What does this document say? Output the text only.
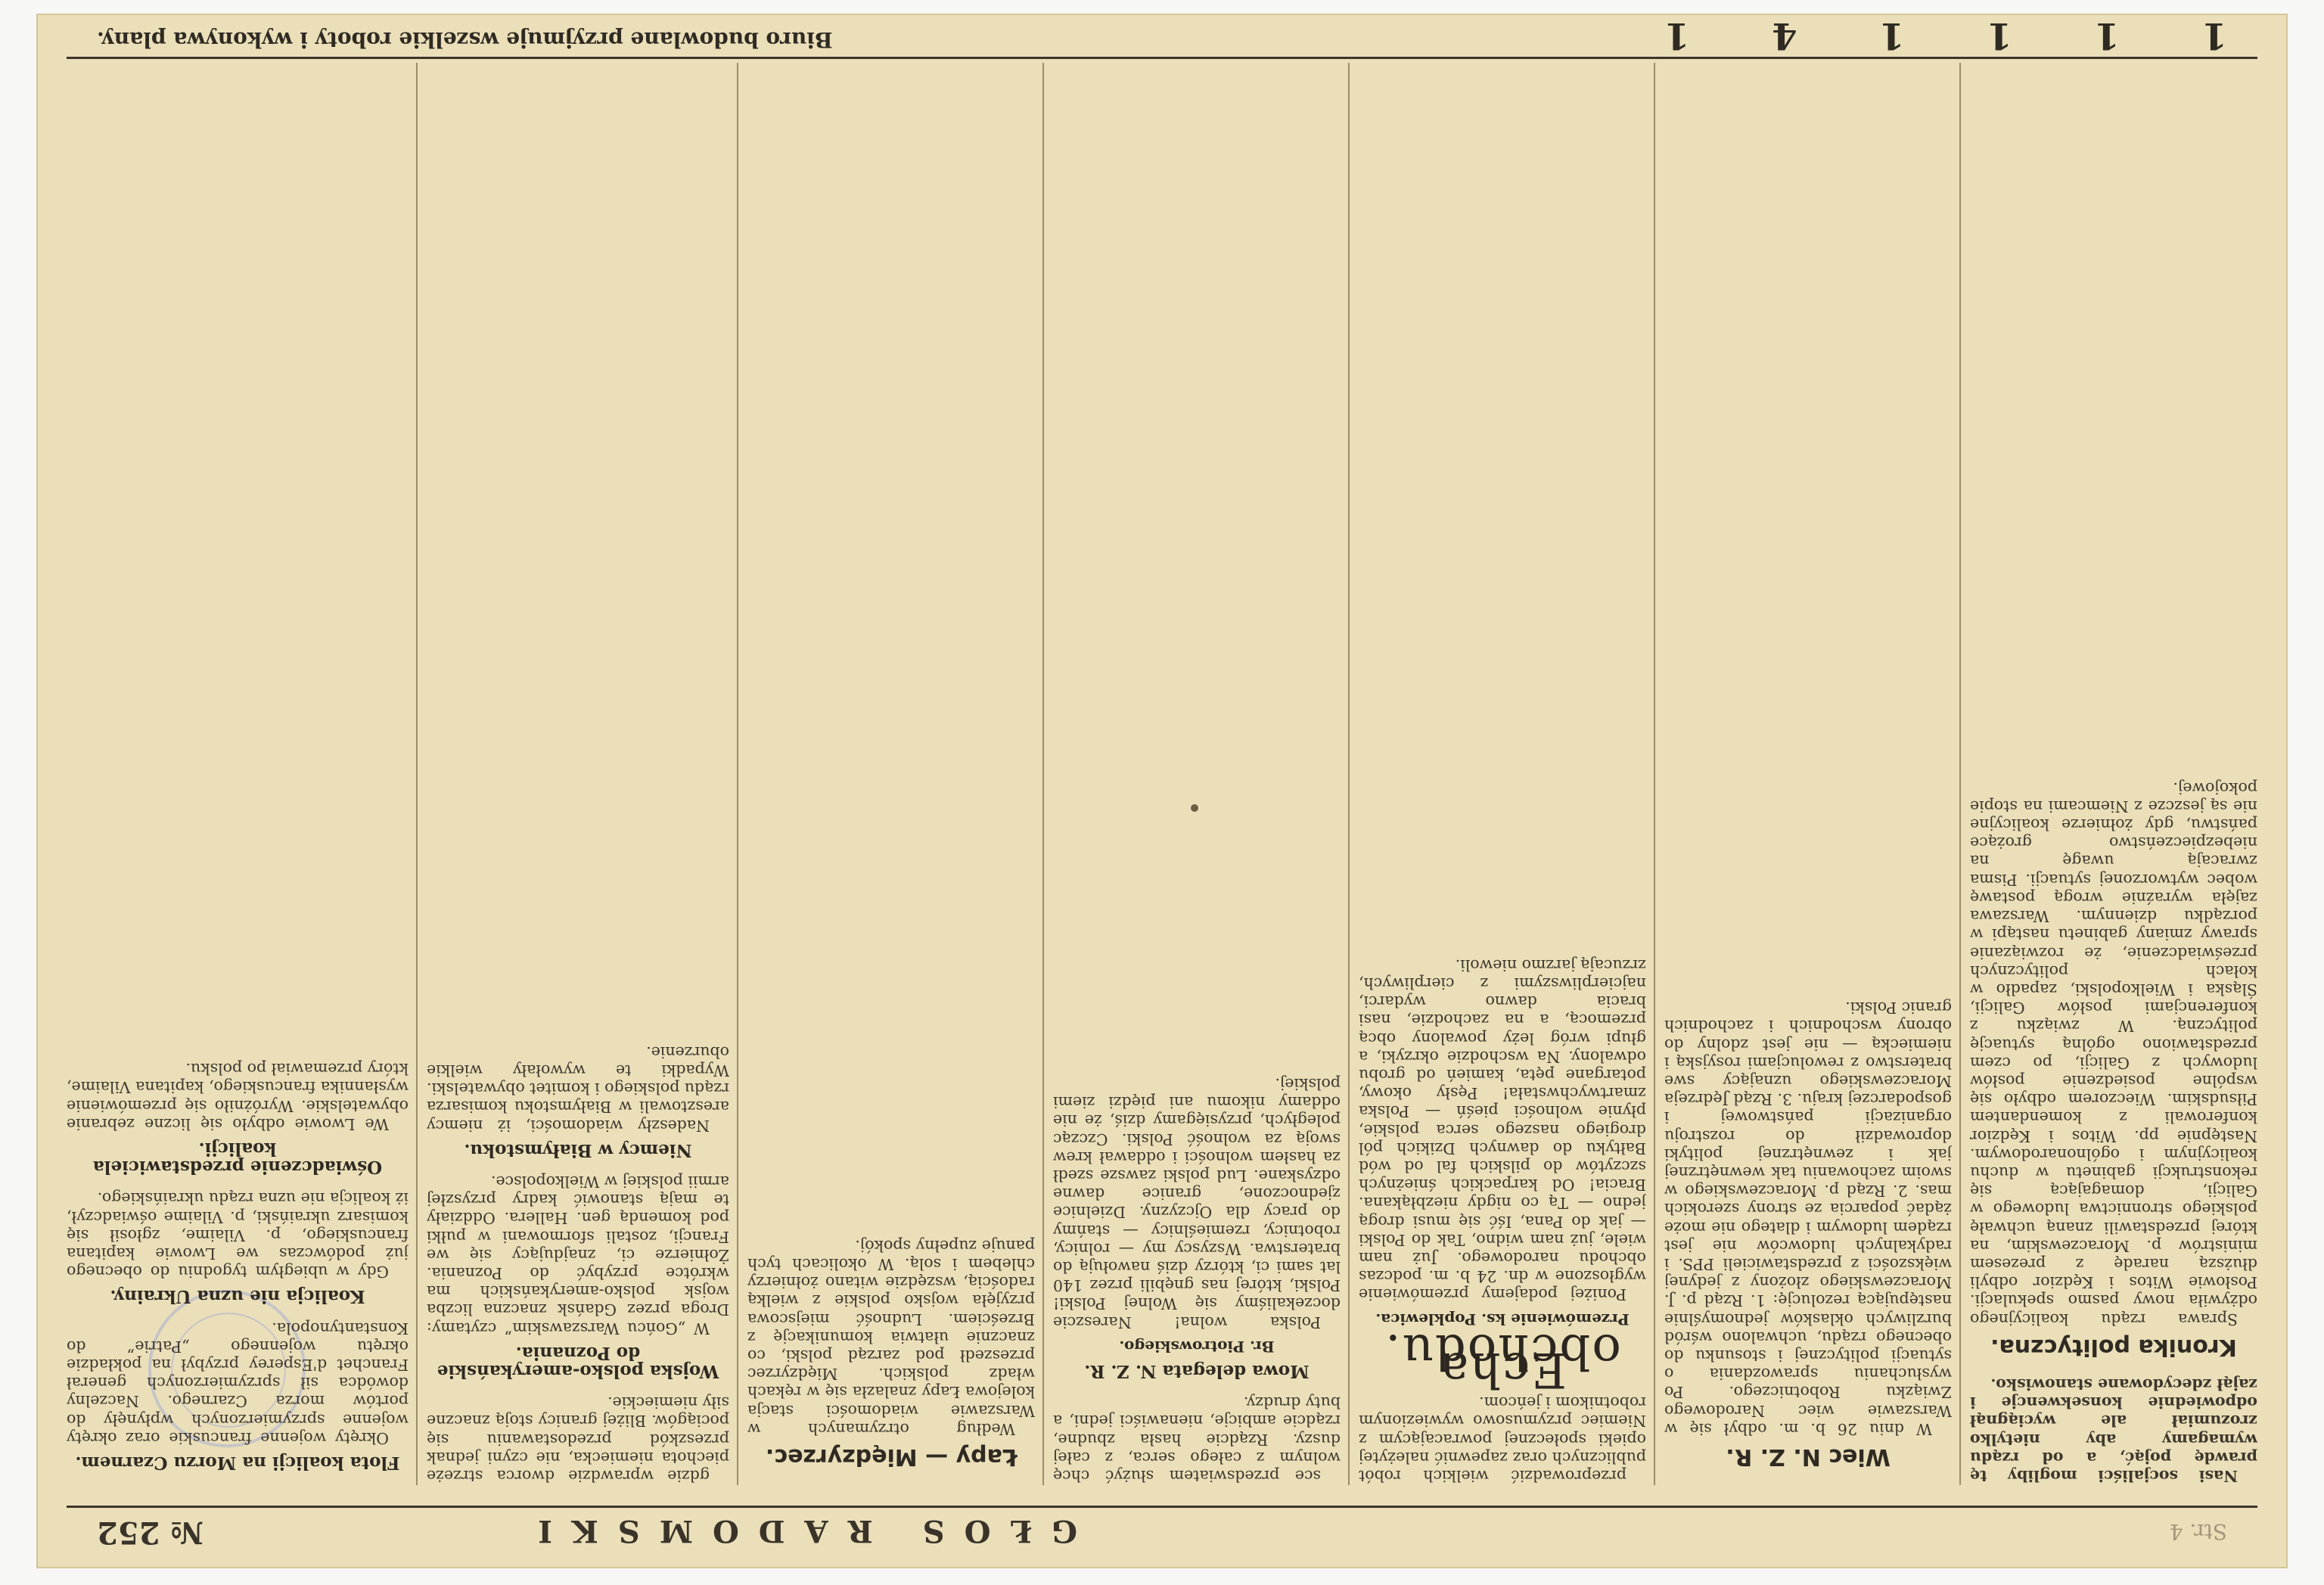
Str. 4
GŁOS RADOMSKI
№ 252

Nasi socjaliści mogliby tę prawdę pojąć, a od rządu wymagamy aby nietylko zrozumiał ale wyciągnął odpowiednie konsekwencje i zajął zdecydowane stanowisko.

Kronika polityczna.

Sprawa rządu koalicyjnego odżywiła nowy pasmo spekulacji. Posłowie Witos i Kędzior odbyli dłuższą naradę z prezesem ministrów p. Moraczewskim, na której przedstawili znaną uchwałę polskiego stronnictwa ludowego w Galicji, domagającą się rekonstrukcji gabinetu w duchu koalicyjnym i ogólnonarodowym. Następnie pp. Witos i Kędzior konferowali z komendantem Piłsudskim. Wieczorem odbyło się wspólne posiedzenie posłów ludowych z Galicji, po czem przedstawiono ogólną sytuację polityczną. W związku z konferencjami posłów Galicji, Śląska i Wielkopolski, zapadło w kołach politycznych przeświadczenie, że rozwiązanie sprawy zmiany gabinetu nastąpi w porządku dziennym. Warszawa zajęła wyraźnie wrogą postawę wobec wytworzonej sytuacji. Pisma zwracają uwagę na niebezpieczeństwo grożące państwu, gdy żołnierze koalicyjne nie są jeszcze z Niemcami na stopie pokojowej.

Wiec N. Z. R.

W dniu 26 b. m. odbył się w Warszawie wiec Narodowego Związku Robotniczego. Po wysłuchaniu sprawozdania o sytuacji politycznej i stosunku do obecnego rządu, uchwalono wśród burzliwych oklasków jednomyślnie następującą rezolucję: 1. Rząd p. J. Moraczewskiego złożony z jedynej większości z przedstawicieli PPS. i radykalnych ludowców nie jest rządem ludowym i dlatego nie może żądać poparcia ze strony szerokich mas. 2. Rząd p. Moraczewskiego w swoim zachowaniu tak wewnętrznej jak i zewnętrznej polityki doprowadził do rozstroju organizacji państwowej i gospodarczej kraju. 3. Rząd Jędrzeja Moraczewskiego uznający swe braterstwo z rewolucjami rosyjską i niemiecką — nie jest zdolny do obrony wschodnich i zachodnich granic Polski.

przeprowadzić wielkich robót publicznych oraz zapewnić należytej opieki społecznej powracającym z Niemiec przymusowo wywiezionym robotnikom i jeńcom.

Echa obchodu.
Przemówienie ks. Popklewica.

Poniżej podajemy przemówienie wygłoszone w dn. 24 b. m. podczas obchodu narodowego. Już nam wiele, już nam widno, Tak do Polski — jak do Pana, Iść się musi drogą jedno — Tą co nigdy niezbłąkana. Bracia! Od karpackich śnieżnych szczytów do pilskich fal od wód Bałtyku do dawnych Dzikich pól drogiego naszego serca polskie, płynie wolności pieśń — Polska zmartwychwstała! Pęsły okowy, potargane pęta, kamień od grobu odwalony. Na wschodzie okrzyki, a głupi wróg leży powalony obcą przemocą, a na zachodzie, nasi bracia dawno wydarci, najcierpliwszymi z cierpliwych, zrzucają jarzmo niewoli.

sce przedswiatem służyć chcę wolnym z całego serca, z całej duszy. Rządcie hasła zbudne, rządcie ambicje, nienawiści jedni, a buty drudzy.

Mowa delegata N. Z. R.
Br. Piotrowskiego.

Polska wolna! Nareszcie doczekaliśmy się Wolnej Polski! Polski, której nas gnębili przez 140 lat sami ci, którzy dziś nawołują do braterstwa. Wszyscy my — rolnicy, robotnicy, rzemieślnicy — stańmy do pracy dla Ojczyzny. Dzielnice zjednoczone, granice dawne odzyskane. Lud polski zawsze szedł za hasłem wolności i oddawał krew swoją za wolność Polski. Czcząc poległych, przysięgamy dziś, że nie oddamy nikomu ani piędzi ziemi polskiej.

Łapy — Międzyrzec.

Według otrzymanych w Warszawie wiadomości stacja kolejowa Łapy znalazła się w rękach władz polskich. Międzyrzec przeszedł pod zarząd polski, co znacznie ułatwia komunikację z Brześciem. Ludność miejscowa przyjęła wojsko polskie z wielką radością, wszędzie witano żołnierzy chlebem i solą. W okolicach tych panuje zupełny spokój.

gdzie wprawdzie dworca strzeże piechota niemiecka, nie czyni jednak przeszkód przedostawaniu się pociągów. Bliżej granicy stoją znaczne siły niemieckie.

Wojska polsko-amerykańskie do Poznania.

W „Gońcu Warszawskim” czytamy: Droga przez Gdańsk znaczna liczba wojsk polsko-amerykańskich ma wkrótce przybyć do Poznania. Żołnierze ci, znajdujący się we Francji, zostali sformowani w pułki pod komendą gen. Hallera. Oddziały te mają stanowić kadry przyszłej armii polskiej w Wielkopolsce.

Niemcy w Białymstoku.

Nadeszły wiadomości, iż niemcy aresztowali w Białymstoku komisarza rządu polskiego i komitet obywatelski. Wypadki te wywołały wielkie oburzenie.

Flota koalicji na Morzu Czarnem.

Okręty wojenne francuskie oraz okręty wojenne sprzymierzonych wpłynęły do portów morza Czarnego. Naczelny dowódca sił sprzymierzonych generał Franchet d'Esperey przybył na pokładzie okrętu wojennego „Patrie” do Konstantynopola.

Koalicja nie uzna Ukrainy.

Gdy w ubiegłym tygodniu do obecnego już podówczas we Lwowie kapitana francuskiego, p. Vilaime, zgłosił się komisarz ukraiński, p. Vilaime oświadczył, iż koalicja nie uzna rządu ukraińskiego.

Oświadczenie przedstawiciela koalicji.

We Lwowie odbyło się liczne zebranie obywatelskie. Wyróżniło się przemówienie wysłannika francuskiego, kapitana Vilaime, który przemawiał po polsku.

1 1 1 1 4 1
Biuro budowlane przyjmuje wszelkie roboty i wykonywa plany.
